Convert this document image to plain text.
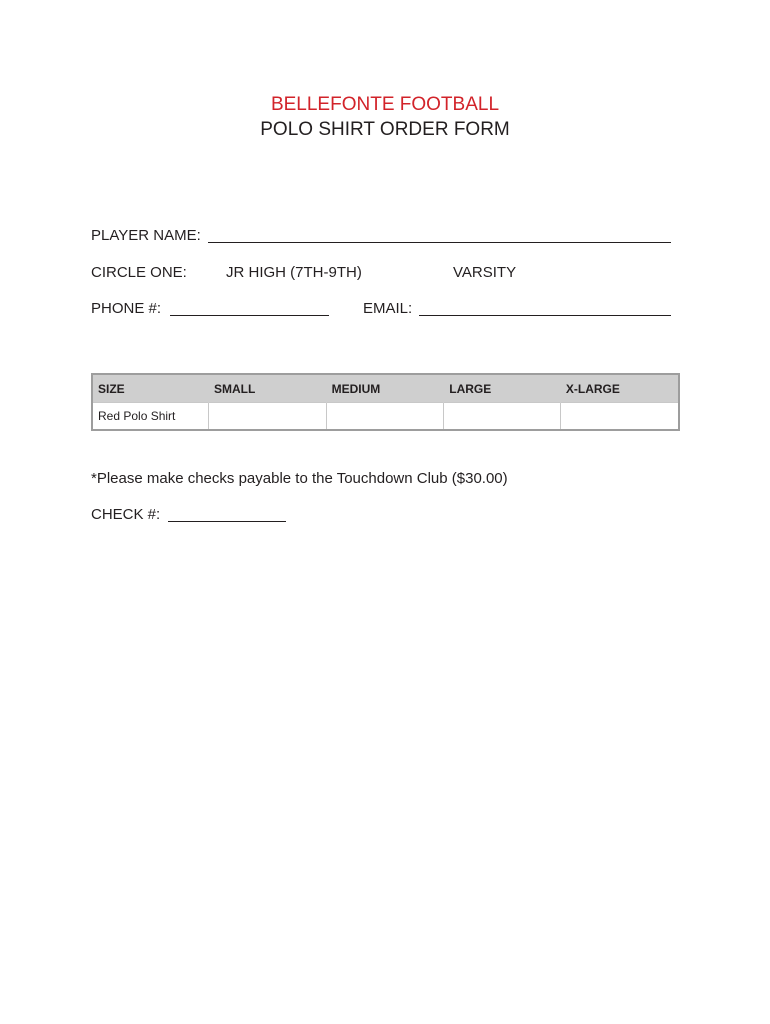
BELLEFONTE FOOTBALL
POLO SHIRT ORDER FORM
PLAYER NAME:
CIRCLE ONE:	JR HIGH (7TH-9TH)	VARSITY
PHONE #:	EMAIL:
SIZE	SMALL	MEDIUM	LARGE	X-LARGE
Red Polo Shirt				
*Please make checks payable to the Touchdown Club ($30.00)
CHECK #:
